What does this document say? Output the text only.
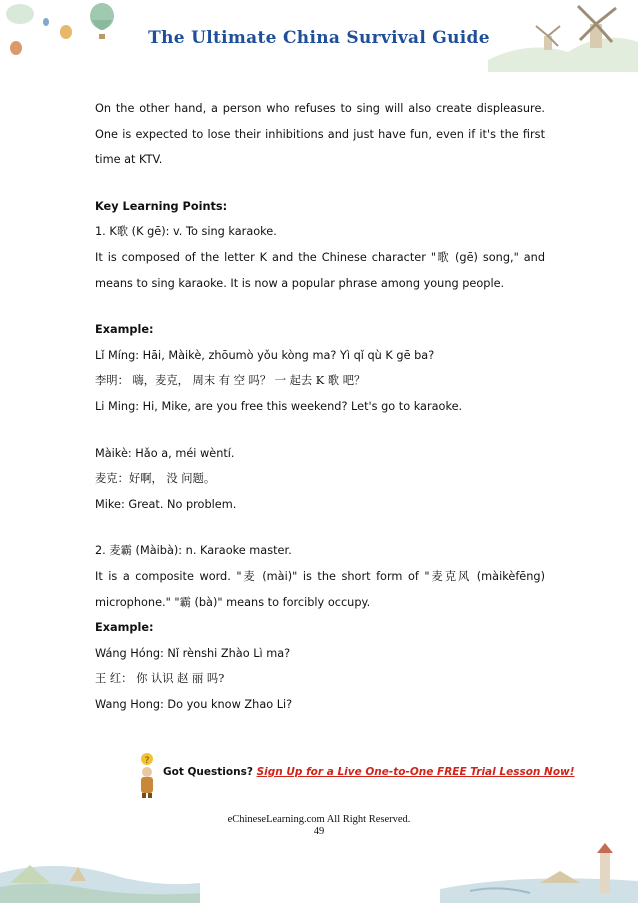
The Ultimate China Survival Guide

On the other hand, a person who refuses to sing will also create displeasure.

One is expected to lose their inhibitions and just have fun, even if it's the first

time at KTV.

Key Learning Points:

1. K歌 (K gē): v. To sing karaoke.

It is composed of the letter K and the Chinese character "歌 (gē) song," and

means to sing karaoke. It is now a popular phrase among young people.

Example:

Lǐ Míng: Hāi, Màikè, zhōumò yǒu kòng ma? Yì qǐ qù K gē ba?

李明： 嗨，麦克， 周末 有 空 吗？ 一 起去 K 歌 吧？

Li Ming: Hi, Mike, are you free this weekend? Let's go to karaoke.

Màikè: Hǎo a, méi wèntí.

麦克：好啊， 没 问题。

Mike: Great. No problem.

2. 麦霸 (Màibà): n. Karaoke master.

It is a composite word. "麦 (mài)" is the short form of "麦克风 (màikèfēng)

microphone." "霸 (bà)" means to forcibly occupy.

Example:

Wáng Hóng: Nǐ rènshi Zhào Lì ma?

王 红： 你 认识 赵 丽 吗?

Wang Hong: Do you know Zhao Li?

?
Got Questions? Sign Up for a Live One-to-One FREE Trial Lesson Now!
eChineseLearning.com All Right Reserved.
49
